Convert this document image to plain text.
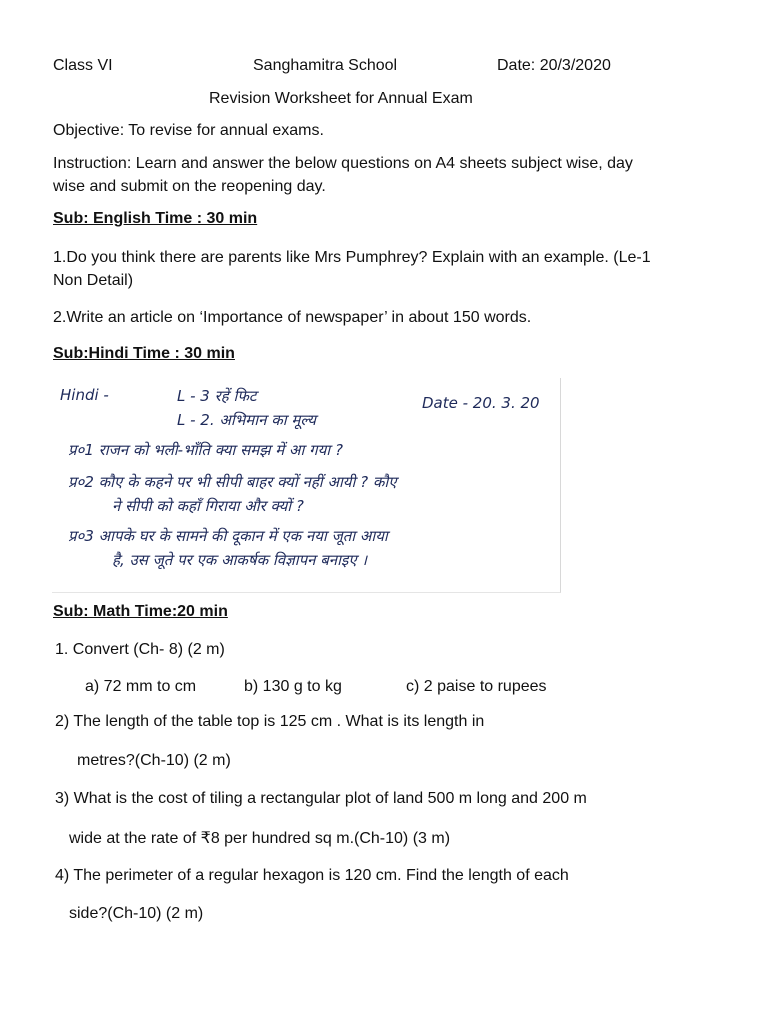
Class VI	Sanghamitra School	Date: 20/3/2020
Revision Worksheet for Annual Exam
Objective: To revise for annual exams.
Instruction: Learn and answer the below questions on A4 sheets subject wise, day
wise and submit on the reopening day.
Sub: English Time : 30 min
1.Do you think there are parents like Mrs Pumphrey? Explain with an example. (Le-1
Non Detail)
2.Write an article on ‘Importance of newspaper’ in about 150 words.
Sub:Hindi Time : 30 min
Hindi -	L - 3 रहें फिट	Date - 20. 3. 20
L - 2. अभिमान का मूल्य
प्र०1 राजन को भली-भाँति क्या समझ में आ गया ?
प्र०2 कौए के कहने पर भी सीपी बाहर क्यों नहीं आयी ? कौए
ने सीपी को कहाँ गिराया और क्यों ?
प्र०3 आपके घर के सामने की दूकान में एक नया जूता आया
है, उस जूते पर एक आकर्षक विज्ञापन बनाइए ।
Sub: Math Time:20 min
1. Convert (Ch- 8) (2 m)
a) 72 mm to cm	b) 130 g to kg	c) 2 paise to rupees
2) The length of the table top is 125 cm . What is its length in
metres?(Ch-10) (2 m)
3) What is the cost of tiling a rectangular plot of land 500 m long and 200 m
wide at the rate of ₹8 per hundred sq m.(Ch-10) (3 m)
4) The perimeter of a regular hexagon is 120 cm. Find the length of each
side?(Ch-10) (2 m)
